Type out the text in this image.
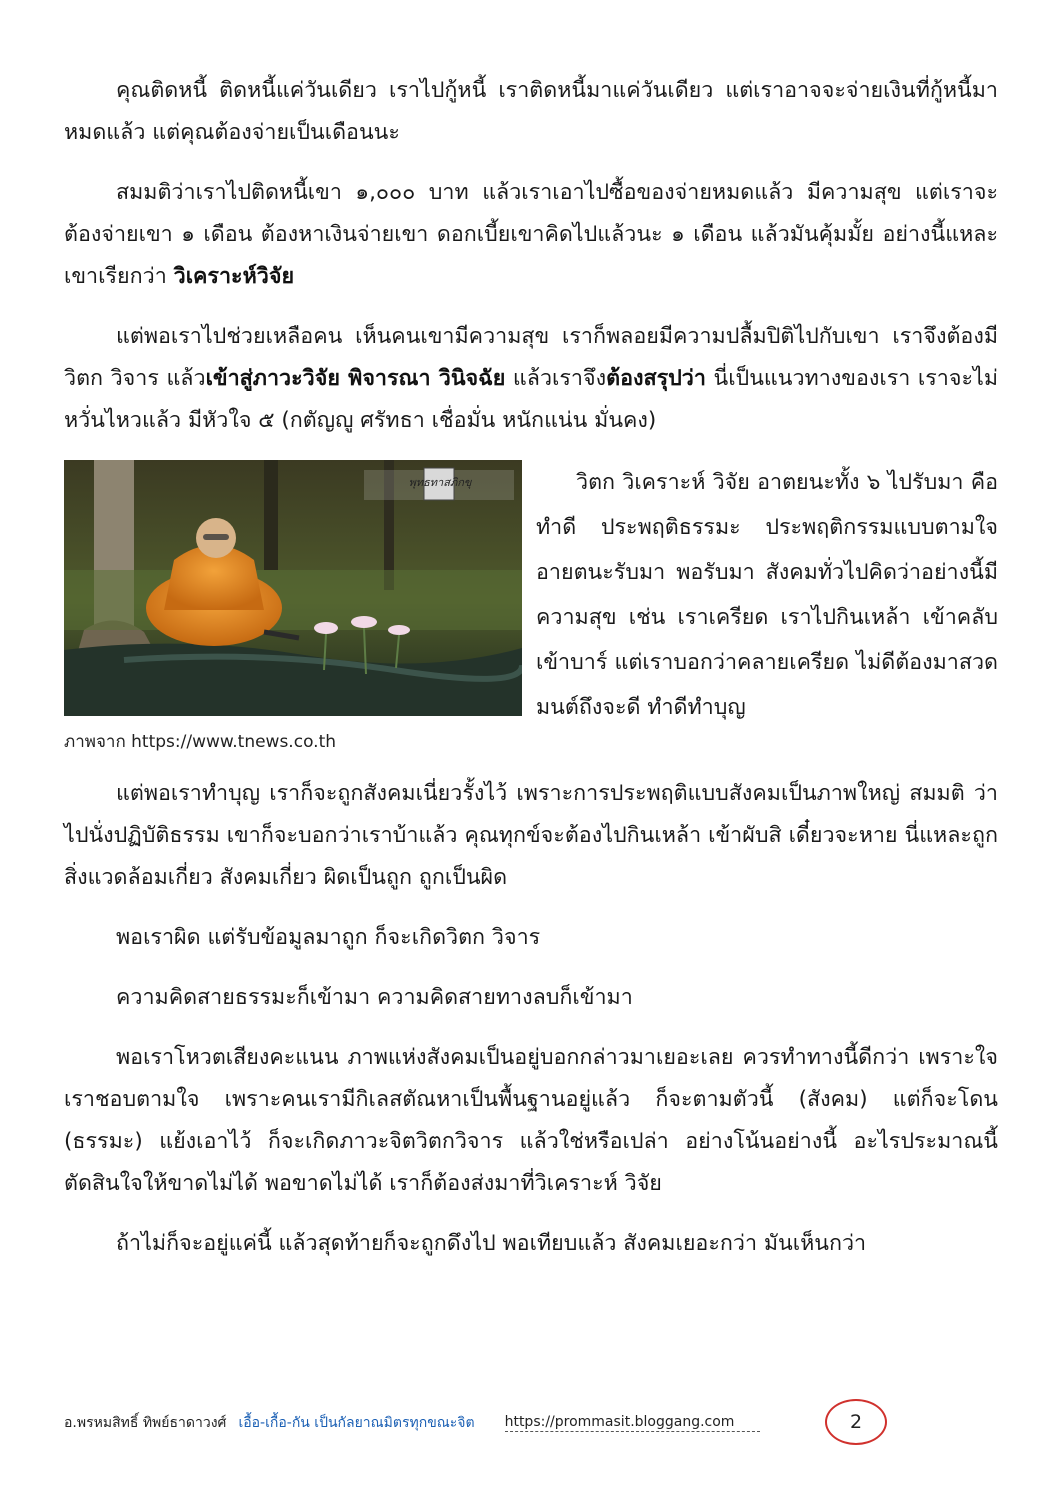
คุณติดหนี้ ติดหนี้แค่วันเดียว เราไปกู้หนี้ เราติดหนี้มาแค่วันเดียว แต่เราอาจจะจ่ายเงินที่กู้หนี้มาหมดแล้ว แต่คุณต้องจ่ายเป็นเดือนนะ

สมมติว่าเราไปติดหนี้เขา ๑,๐๐๐ บาท แล้วเราเอาไปซื้อของจ่ายหมดแล้ว มีความสุข แต่เราจะต้องจ่ายเขา ๑ เดือน ต้องหาเงินจ่ายเขา ดอกเบี้ยเขาคิดไปแล้วนะ ๑ เดือน แล้วมันคุ้มมั้ย อย่างนี้แหละเขาเรียกว่า วิเคราะห์วิจัย

แต่พอเราไปช่วยเหลือคน เห็นคนเขามีความสุข เราก็พลอยมีความปลื้มปิติไปกับเขา เราจึงต้องมีวิตก วิจาร แล้วเข้าสู่ภาวะวิจัย พิจารณา วินิจฉัย แล้วเราจึงต้องสรุปว่า นี่เป็นแนวทางของเรา เราจะไม่หวั่นไหวแล้ว มีหัวใจ ๕ (กตัญญู ศรัทธา เชื่อมั่น หนักแน่น มั่นคง)

พุทธทาสภิกขุ
ภาพจาก https://www.tnews.co.th

วิตก วิเคราะห์ วิจัย อาตยนะทั้ง ๖ ไปรับมา คือ ทำดี ประพฤติธรรมะ ประพฤติกรรมแบบตามใจ อายตนะรับมา พอรับมา สังคมทั่วไปคิดว่าอย่างนี้มีความสุข เช่น เราเครียด เราไปกินเหล้า เข้าคลับเข้าบาร์ แต่เราบอกว่าคลายเครียด ไม่ดีต้องมาสวดมนต์ถึงจะดี ทำดีทำบุญ

แต่พอเราทำบุญ เราก็จะถูกสังคมเนี่ยวรั้งไว้ เพราะการประพฤติแบบสังคมเป็นภาพใหญ่ สมมติ ว่าไปนั่งปฏิบัติธรรม เขาก็จะบอกว่าเราบ้าแล้ว คุณทุกข์จะต้องไปกินเหล้า เข้าผับสิ เดี๋ยวจะหาย นี่แหละถูกสิ่งแวดล้อมเกี่ยว สังคมเกี่ยว ผิดเป็นถูก ถูกเป็นผิด

พอเราผิด แต่รับข้อมูลมาถูก ก็จะเกิดวิตก วิจาร

ความคิดสายธรรมะก็เข้ามา ความคิดสายทางลบก็เข้ามา

พอเราโหวตเสียงคะแนน ภาพแห่งสังคมเป็นอยู่บอกกล่าวมาเยอะเลย ควรทำทางนี้ดีกว่า เพราะใจเราชอบตามใจ เพราะคนเรามีกิเลสตัณหาเป็นพื้นฐานอยู่แล้ว ก็จะตามตัวนี้ (สังคม) แต่ก็จะโดน (ธรรมะ) แย้งเอาไว้ ก็จะเกิดภาวะจิตวิตกวิจาร แล้วใช่หรือเปล่า อย่างโน้นอย่างนี้ อะไรประมาณนี้ ตัดสินใจให้ขาดไม่ได้ พอขาดไม่ได้ เราก็ต้องส่งมาที่วิเคราะห์ วิจัย

ถ้าไม่ก็จะอยู่แค่นี้ แล้วสุดท้ายก็จะถูกดึงไป พอเทียบแล้ว สังคมเยอะกว่า มันเห็นกว่า

อ.พรหมสิทธิ์ ทิพย์ธาดาวงศ์ เอื้อ-เกื้อ-กัน เป็นกัลยาณมิตรทุกขณะจิต https://prommasit.bloggang.com	2
